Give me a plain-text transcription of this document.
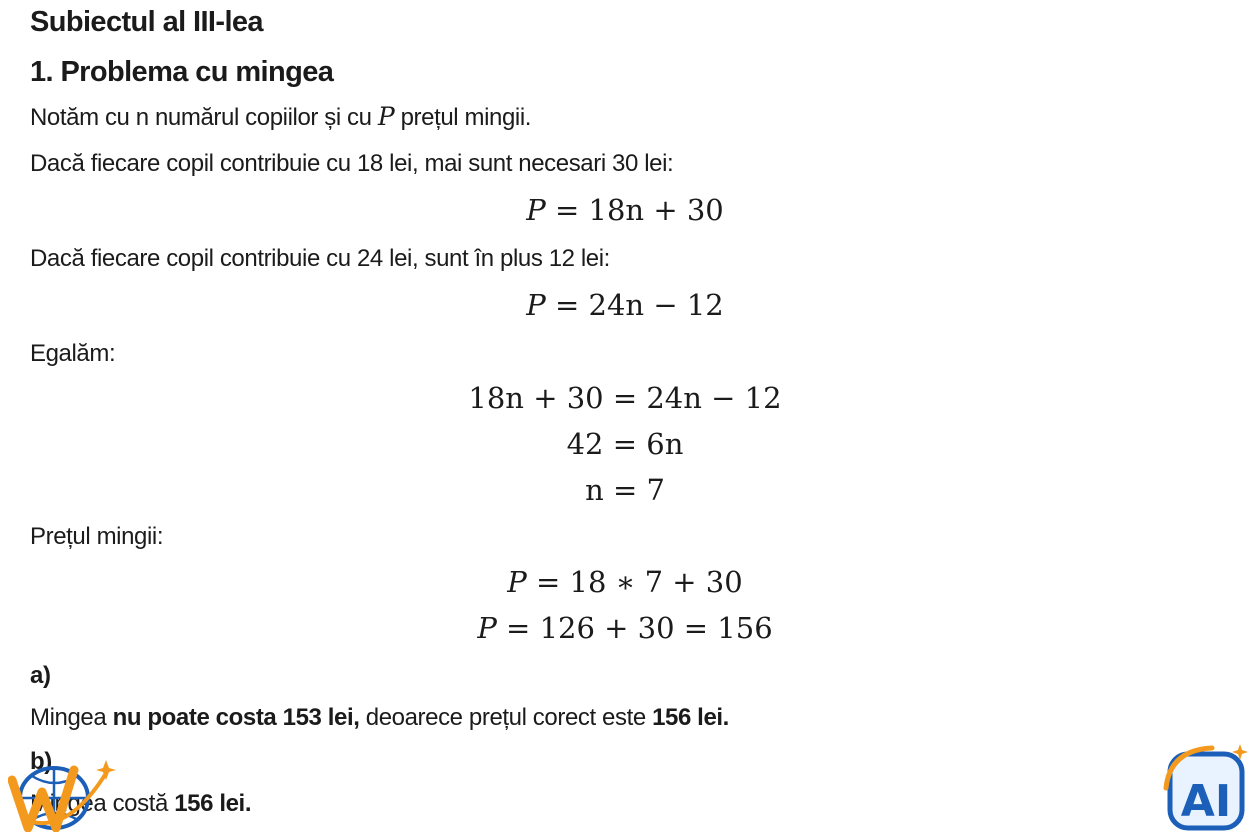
Subiectul al III-lea
1. Problema cu mingea

Notăm cu n numărul copiilor și cu P prețul mingii.

Dacă fiecare copil contribuie cu 18 lei, mai sunt necesari 30 lei:

P = 18n + 30

Dacă fiecare copil contribuie cu 24 lei, sunt în plus 12 lei:

P = 24n − 12

Egalăm:

18n + 30 = 24n − 12
42 = 6n
n = 7

Prețul mingii:

P = 18 ∗ 7 + 30
P = 126 + 30 = 156

a)

Mingea nu poate costa 153 lei, deoarece prețul corect este 156 lei.

b)

Mingea costă 156 lei.	AI
